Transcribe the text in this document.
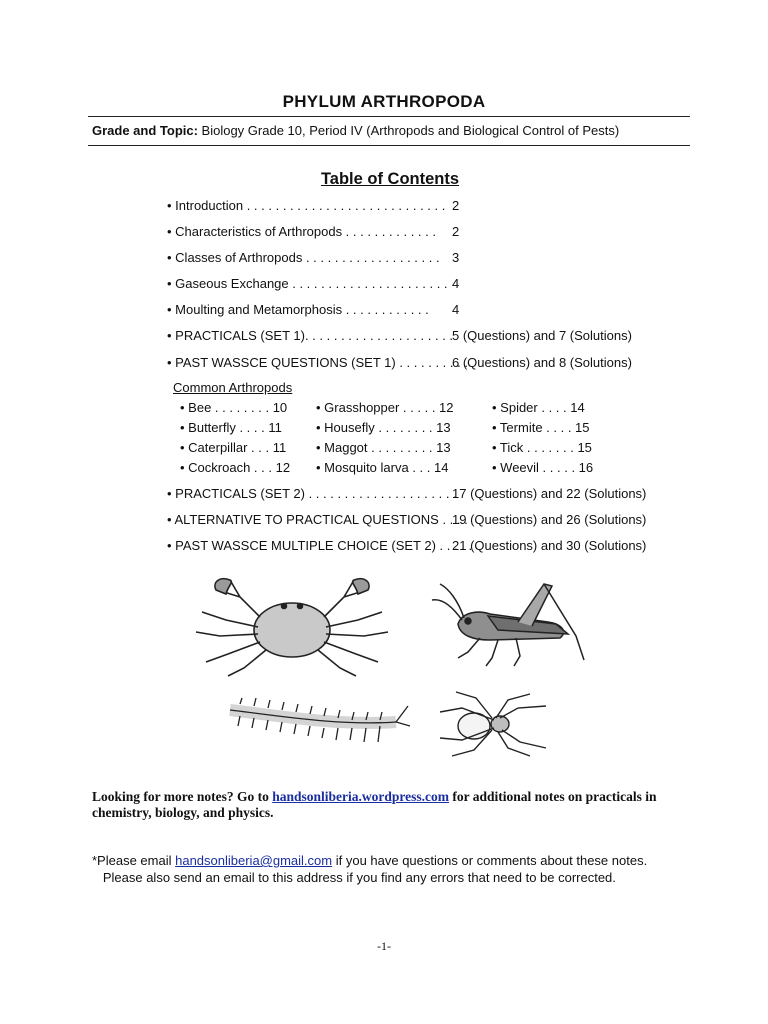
PHYLUM ARTHROPODA
Grade and Topic: Biology Grade 10, Period IV (Arthropods and Biological Control of Pests)
Table of Contents
• Introduction . . . . . . . . . . . . . . . . . . . . . . . . . . . . 2
• Characteristics of Arthropods . . . . . . . . . . . . . 2
• Classes of Arthropods . . . . . . . . . . . . . . . . . . . 3
• Gaseous Exchange . . . . . . . . . . . . . . . . . . . . . . 4
• Moulting and Metamorphosis . . . . . . . . . . . . 4
• PRACTICALS (SET 1). . . . . . . . . . . . . . . . . . . . .
5 (Questions) and 7 (Solutions)
• PAST WASSCE QUESTIONS (SET 1) . . . . . . . . . .
6 (Questions) and 8 (Solutions)
Common Arthropods
• Bee . . . . . . . . 10 • Grasshopper . . . . . 12	• Spider . . . . 14
• Butterfly . . . . 11	• Housefly . . . . . . . . 13	• Termite . . . . 15
• Caterpillar . . . 11 • Maggot . . . . . . . . . 13	• Tick . . . . . . . 15
• Cockroach . . . 12 • Mosquito larva . . . 14	• Weevil . . . . . 16
• PRACTICALS (SET 2) . . . . . . . . . . . . . . . . . . . . .
17 (Questions) and 22 (Solutions)
• ALTERNATIVE TO PRACTICAL QUESTIONS . . . .
19 (Questions) and 26 (Solutions)
• PAST WASSCE MULTIPLE CHOICE (SET 2) . . . . .
21 (Questions) and 30 (Solutions)
Looking for more notes? Go to handsonliberia.wordpress.com for additional notes on practicals in chemistry, biology, and physics.
*Please email handsonliberia@gmail.com if you have questions or comments about these notes.
Please also send an email to this address if you find any errors that need to be corrected.
-1-
